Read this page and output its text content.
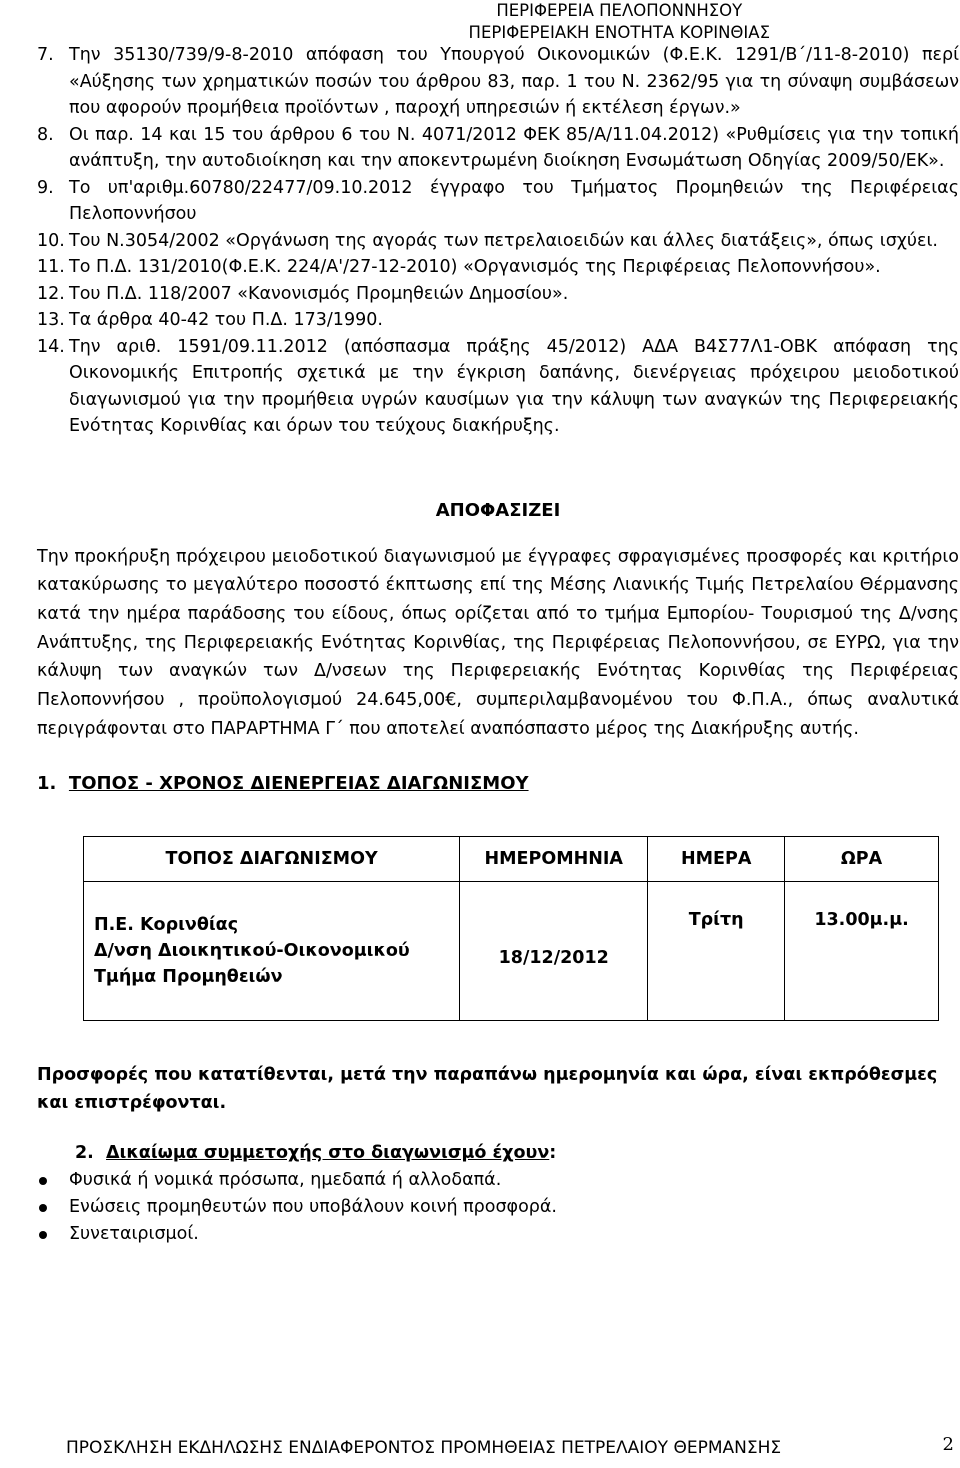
ΠΕΡΙΦΕΡΕΙΑ ΠΕΛΟΠΟΝΝΗΣΟΥ
ΠΕΡΙΦΕΡΕΙΑΚΗ ΕΝΟΤΗΤΑ ΚΟΡΙΝΘΙΑΣ
7. Την 35130/739/9-8-2010 απόφαση του Υπουργού Οικονομικών (Φ.Ε.Κ. 1291/Β΄/11-8-2010) περί «Αύξησης των χρηματικών ποσών του άρθρου 83, παρ. 1 του Ν. 2362/95 για τη σύναψη συμβάσεων που αφορούν προμήθεια προϊόντων , παροχή υπηρεσιών ή εκτέλεση έργων.»
8. Οι παρ. 14 και 15 του άρθρου 6 του Ν. 4071/2012 ΦΕΚ 85/Α/11.04.2012) «Ρυθμίσεις για την τοπική ανάπτυξη, την αυτοδιοίκηση και την αποκεντρωμένη διοίκηση Ενσωμάτωση Οδηγίας 2009/50/ΕΚ».
9. Το υπ'αριθμ.60780/22477/09.10.2012 έγγραφο του Τμήματος Προμηθειών της Περιφέρειας Πελοποννήσου
10. Του Ν.3054/2002 «Οργάνωση της αγοράς των πετρελαιοειδών και άλλες διατάξεις», όπως ισχύει.
11. Το Π.Δ. 131/2010(Φ.Ε.Κ. 224/Α'/27-12-2010) «Οργανισμός της Περιφέρειας Πελοποννήσου».
12. Του Π.Δ. 118/2007 «Κανονισμός Προμηθειών Δημοσίου».
13. Τα άρθρα 40-42 του Π.Δ. 173/1990.
14. Την αριθ. 1591/09.11.2012 (απόσπασμα πράξης 45/2012) ΑΔΑ Β4Σ77Λ1-ΟΒΚ απόφαση της Οικονομικής Επιτροπής σχετικά με την έγκριση δαπάνης, διενέργειας πρόχειρου μειοδοτικού διαγωνισμού για την προμήθεια υγρών καυσίμων για την κάλυψη των αναγκών της Περιφερειακής Ενότητας Κορινθίας και όρων του τεύχους διακήρυξης.
ΑΠΟΦΑΣΙΖΕΙ
Την προκήρυξη πρόχειρου μειοδοτικού διαγωνισμού με έγγραφες σφραγισμένες προσφορές και κριτήριο κατακύρωσης το μεγαλύτερο ποσοστό έκπτωσης επί της Μέσης Λιανικής Τιμής Πετρελαίου Θέρμανσης κατά την ημέρα παράδοσης του είδους, όπως ορίζεται από το τμήμα Εμπορίου- Τουρισμού της Δ/νσης Ανάπτυξης, της Περιφερειακής Ενότητας Κορινθίας, της Περιφέρειας Πελοποννήσου, σε ΕΥΡΩ, για την κάλυψη των αναγκών των Δ/νσεων της Περιφερειακής Ενότητας Κορινθίας της Περιφέρειας Πελοποννήσου , προϋπολογισμού 24.645,00€, συμπεριλαμβανομένου του Φ.Π.Α., όπως αναλυτικά περιγράφονται στο ΠΑΡΑΡΤΗΜΑ Γ΄ που αποτελεί αναπόσπαστο μέρος της Διακήρυξης αυτής.
1. ΤΟΠΟΣ - ΧΡΟΝΟΣ ΔΙΕΝΕΡΓΕΙΑΣ ΔΙΑΓΩΝΙΣΜΟΥ
ΤΟΠΟΣ ΔΙΑΓΩΝΙΣΜΟΥ	ΗΜΕΡΟΜΗΝΙΑ	ΗΜΕΡΑ	ΩΡΑ

Π.Ε. Κορινθίας
Δ/νση Διοικητικού-Οικονομικού
Τμήμα Προμηθειών	18/12/2012	Τρίτη	13.00μ.μ.
Προσφορές που κατατίθενται, μετά την παραπάνω ημερομηνία και ώρα, είναι εκπρόθεσμες και επιστρέφονται.
2. Δικαίωμα συμμετοχής στο διαγωνισμό έχουν:
Φυσικά ή νομικά πρόσωπα, ημεδαπά ή αλλοδαπά.
Ενώσεις προμηθευτών που υποβάλουν κοινή προσφορά.
Συνεταιρισμοί.
ΠΡΟΣΚΛΗΣΗ ΕΚΔΗΛΩΣΗΣ ΕΝΔΙΑΦΕΡΟΝΤΟΣ ΠΡΟΜΗΘΕΙΑΣ ΠΕΤΡΕΛΑΙΟΥ ΘΕΡΜΑΝΣΗΣ	2
